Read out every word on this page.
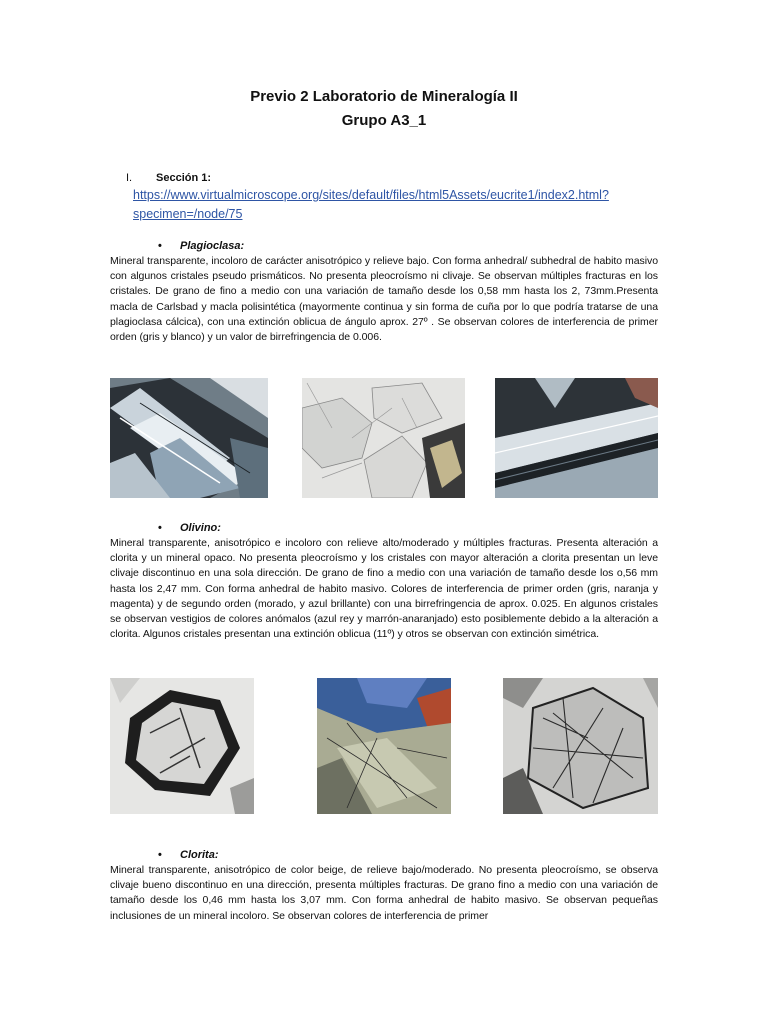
Previo 2 Laboratorio de Mineralogía II
Grupo A3_1
I. Sección 1:
https://www.virtualmicroscope.org/sites/default/files/html5Assets/eucrite1/index2.html?
specimen=/node/75
• Plagioclasa:

Mineral transparente, incoloro de carácter anisotrópico y relieve bajo. Con forma anhedral/ subhedral de habito masivo con algunos cristales pseudo prismáticos. No presenta pleocroísmo ni clivaje. Se observan múltiples fracturas en los cristales. De grano de fino a medio con una variación de tamaño desde los 0,58 mm hasta los 2, 73mm.Presenta macla de Carlsbad y macla polisintética (mayormente continua y sin forma de cuña por lo que podría tratarse de una plagioclasa cálcica), con una extinción oblicua de ángulo aprox. 27º . Se observan colores de interferencia de primer orden (gris y blanco) y un valor de birrefringencia de 0.006.

• Olivino:

Mineral transparente, anisotrópico e incoloro con relieve alto/moderado y múltiples fracturas. Presenta alteración a clorita y un mineral opaco. No presenta pleocroísmo y los cristales con mayor alteración a clorita presentan un leve clivaje discontinuo en una sola dirección. De grano de fino a medio con una variación de tamaño desde los o,56 mm hasta los 2,47 mm. Con forma anhedral de habito masivo. Colores de interferencia de primer orden (gris, naranja y magenta) y de segundo orden (morado, y azul brillante) con una birrefringencia de aprox. 0.025. En algunos cristales se observan vestigios de colores anómalos (azul rey y marrón-anaranjado) esto posiblemente debido a la alteración a clorita. Algunos cristales presentan una extinción oblicua (11º) y otros se observan con extinción simétrica.

• Clorita:

Mineral transparente, anisotrópico de color beige, de relieve bajo/moderado. No presenta pleocroísmo, se observa clivaje bueno discontinuo en una dirección, presenta múltiples fracturas. De grano fino a medio con una variación de tamaño desde los 0,46 mm hasta los 3,07 mm. Con forma anhedral de habito masivo. Se observan pequeñas inclusiones de un mineral incoloro. Se observan colores de interferencia de primer
